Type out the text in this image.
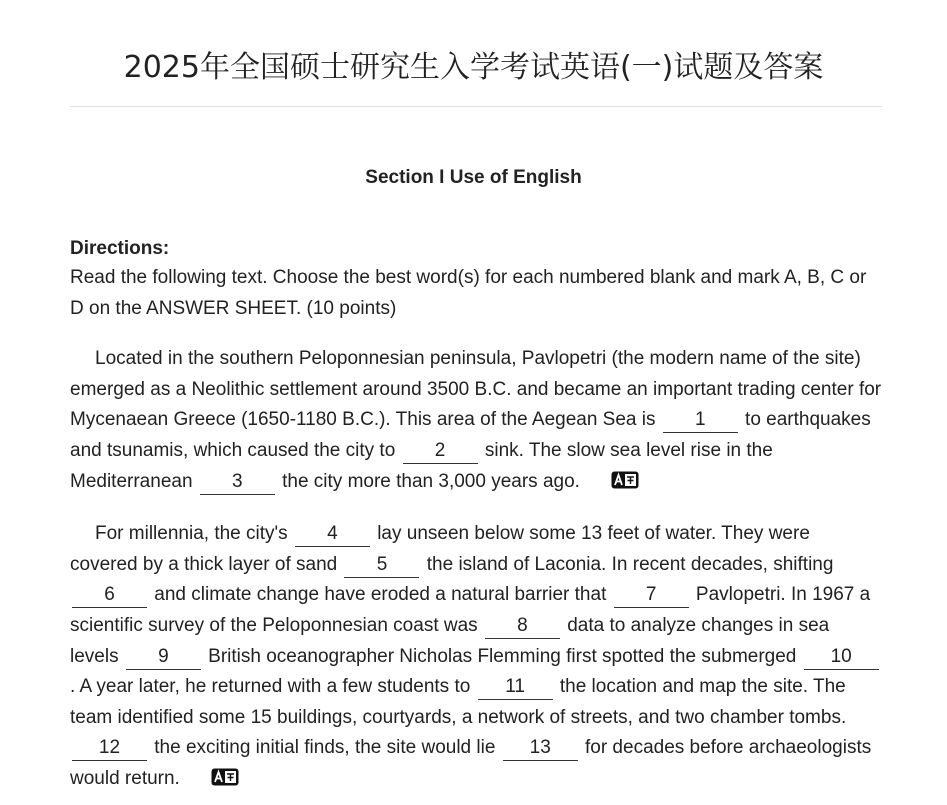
2025年全国硕士研究生入学考试英语(一)试题及答案
Section I Use of English
Directions:

Read the following text. Choose the best word(s) for each numbered blank and mark A, B, C or D on the ANSWER SHEET. (10 points)

Located in the southern Peloponnesian peninsula, Pavlopetri (the modern name of the site) emerged as a Neolithic settlement around 3500 B.C. and became an important trading center for Mycenaean Greece (1650-1180 B.C.). This area of the Aegean Sea is 1 to earthquakes and tsunamis, which caused the city to 2 sink. The slow sea level rise in the Mediterranean 3 the city more than 3,000 years ago.

For millennia, the city's 4 lay unseen below some 13 feet of water. They were covered by a thick layer of sand 5 the island of Laconia. In recent decades, shifting 6 and climate change have eroded a natural barrier that 7 Pavlopetri. In 1967 a scientific survey of the Peloponnesian coast was 8 data to analyze changes in sea levels 9 British oceanographer Nicholas Flemming first spotted the submerged 10. A year later, he returned with a few students to 11 the location and map the site. The team identified some 15 buildings, courtyards, a network of streets, and two chamber tombs. 12 the exciting initial finds, the site would lie 13 for decades before archaeologists would return.
